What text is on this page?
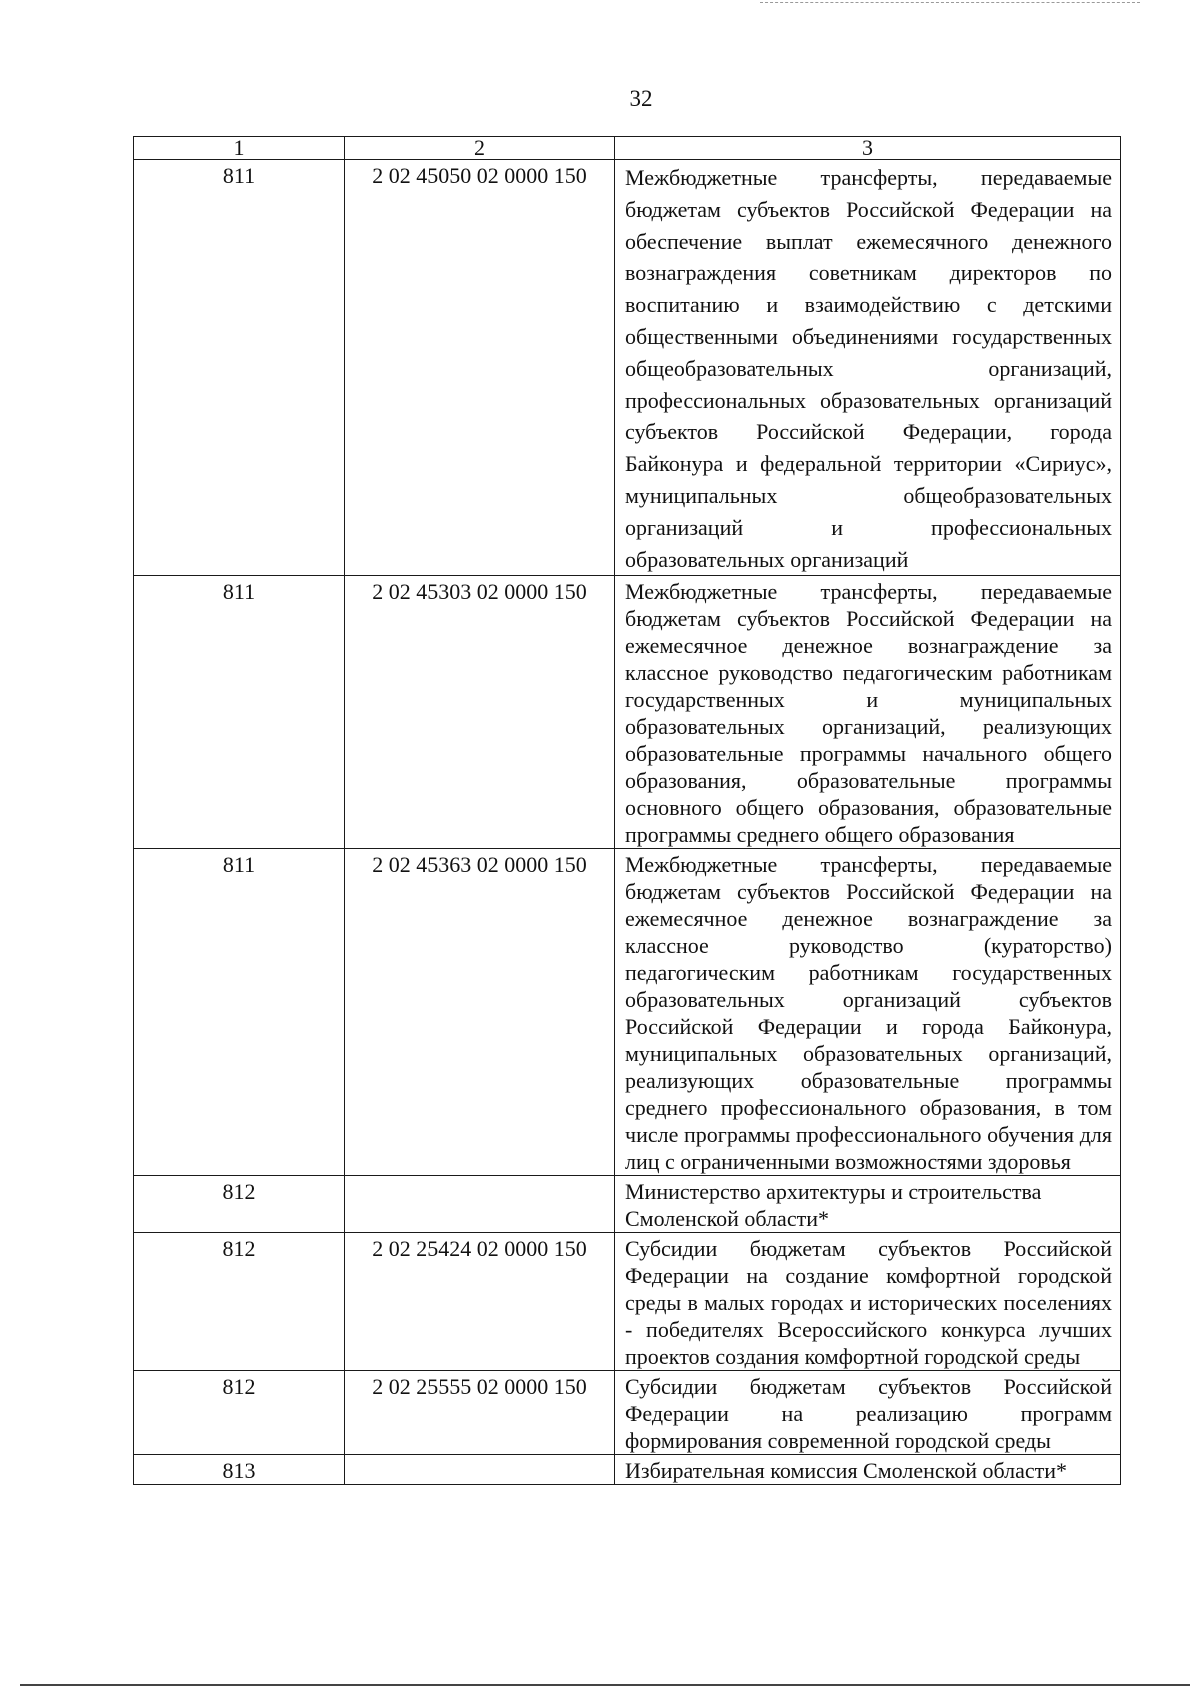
32
1	2	3
811	2 02 45050 02 0000 150	Межбюджетные трансферты, передаваемые бюджетам субъектов Российской Федерации на обеспечение выплат ежемесячного денежного вознаграждения советникам директоров по воспитанию и взаимодействию с детскими общественными объединениями государственных общеобразовательных организаций, профессиональных образовательных организаций субъектов Российской Федерации, города Байконура и федеральной территории «Сириус», муниципальных общеобразовательных организаций и профессиональных образовательных организаций
811	2 02 45303 02 0000 150	Межбюджетные трансферты, передаваемые бюджетам субъектов Российской Федерации на ежемесячное денежное вознаграждение за классное руководство педагогическим работникам государственных и муниципальных образовательных организаций, реализующих образовательные программы начального общего образования, образовательные программы основного общего образования, образовательные программы среднего общего образования
811	2 02 45363 02 0000 150	Межбюджетные трансферты, передаваемые бюджетам субъектов Российской Федерации на ежемесячное денежное вознаграждение за классное руководство (кураторство) педагогическим работникам государственных образовательных организаций субъектов Российской Федерации и города Байконура, муниципальных образовательных организаций, реализующих образовательные программы среднего профессионального образования, в том числе программы профессионального обучения для лиц с ограниченными возможностями здоровья
812		Министерство архитектуры и строительства Смоленской области*
812	2 02 25424 02 0000 150	Субсидии бюджетам субъектов Российской Федерации на создание комфортной городской среды в малых городах и исторических поселениях - победителях Всероссийского конкурса лучших проектов создания комфортной городской среды
812	2 02 25555 02 0000 150	Субсидии бюджетам субъектов Российской Федерации на реализацию программ формирования современной городской среды
813		Избирательная комиссия Смоленской области*
